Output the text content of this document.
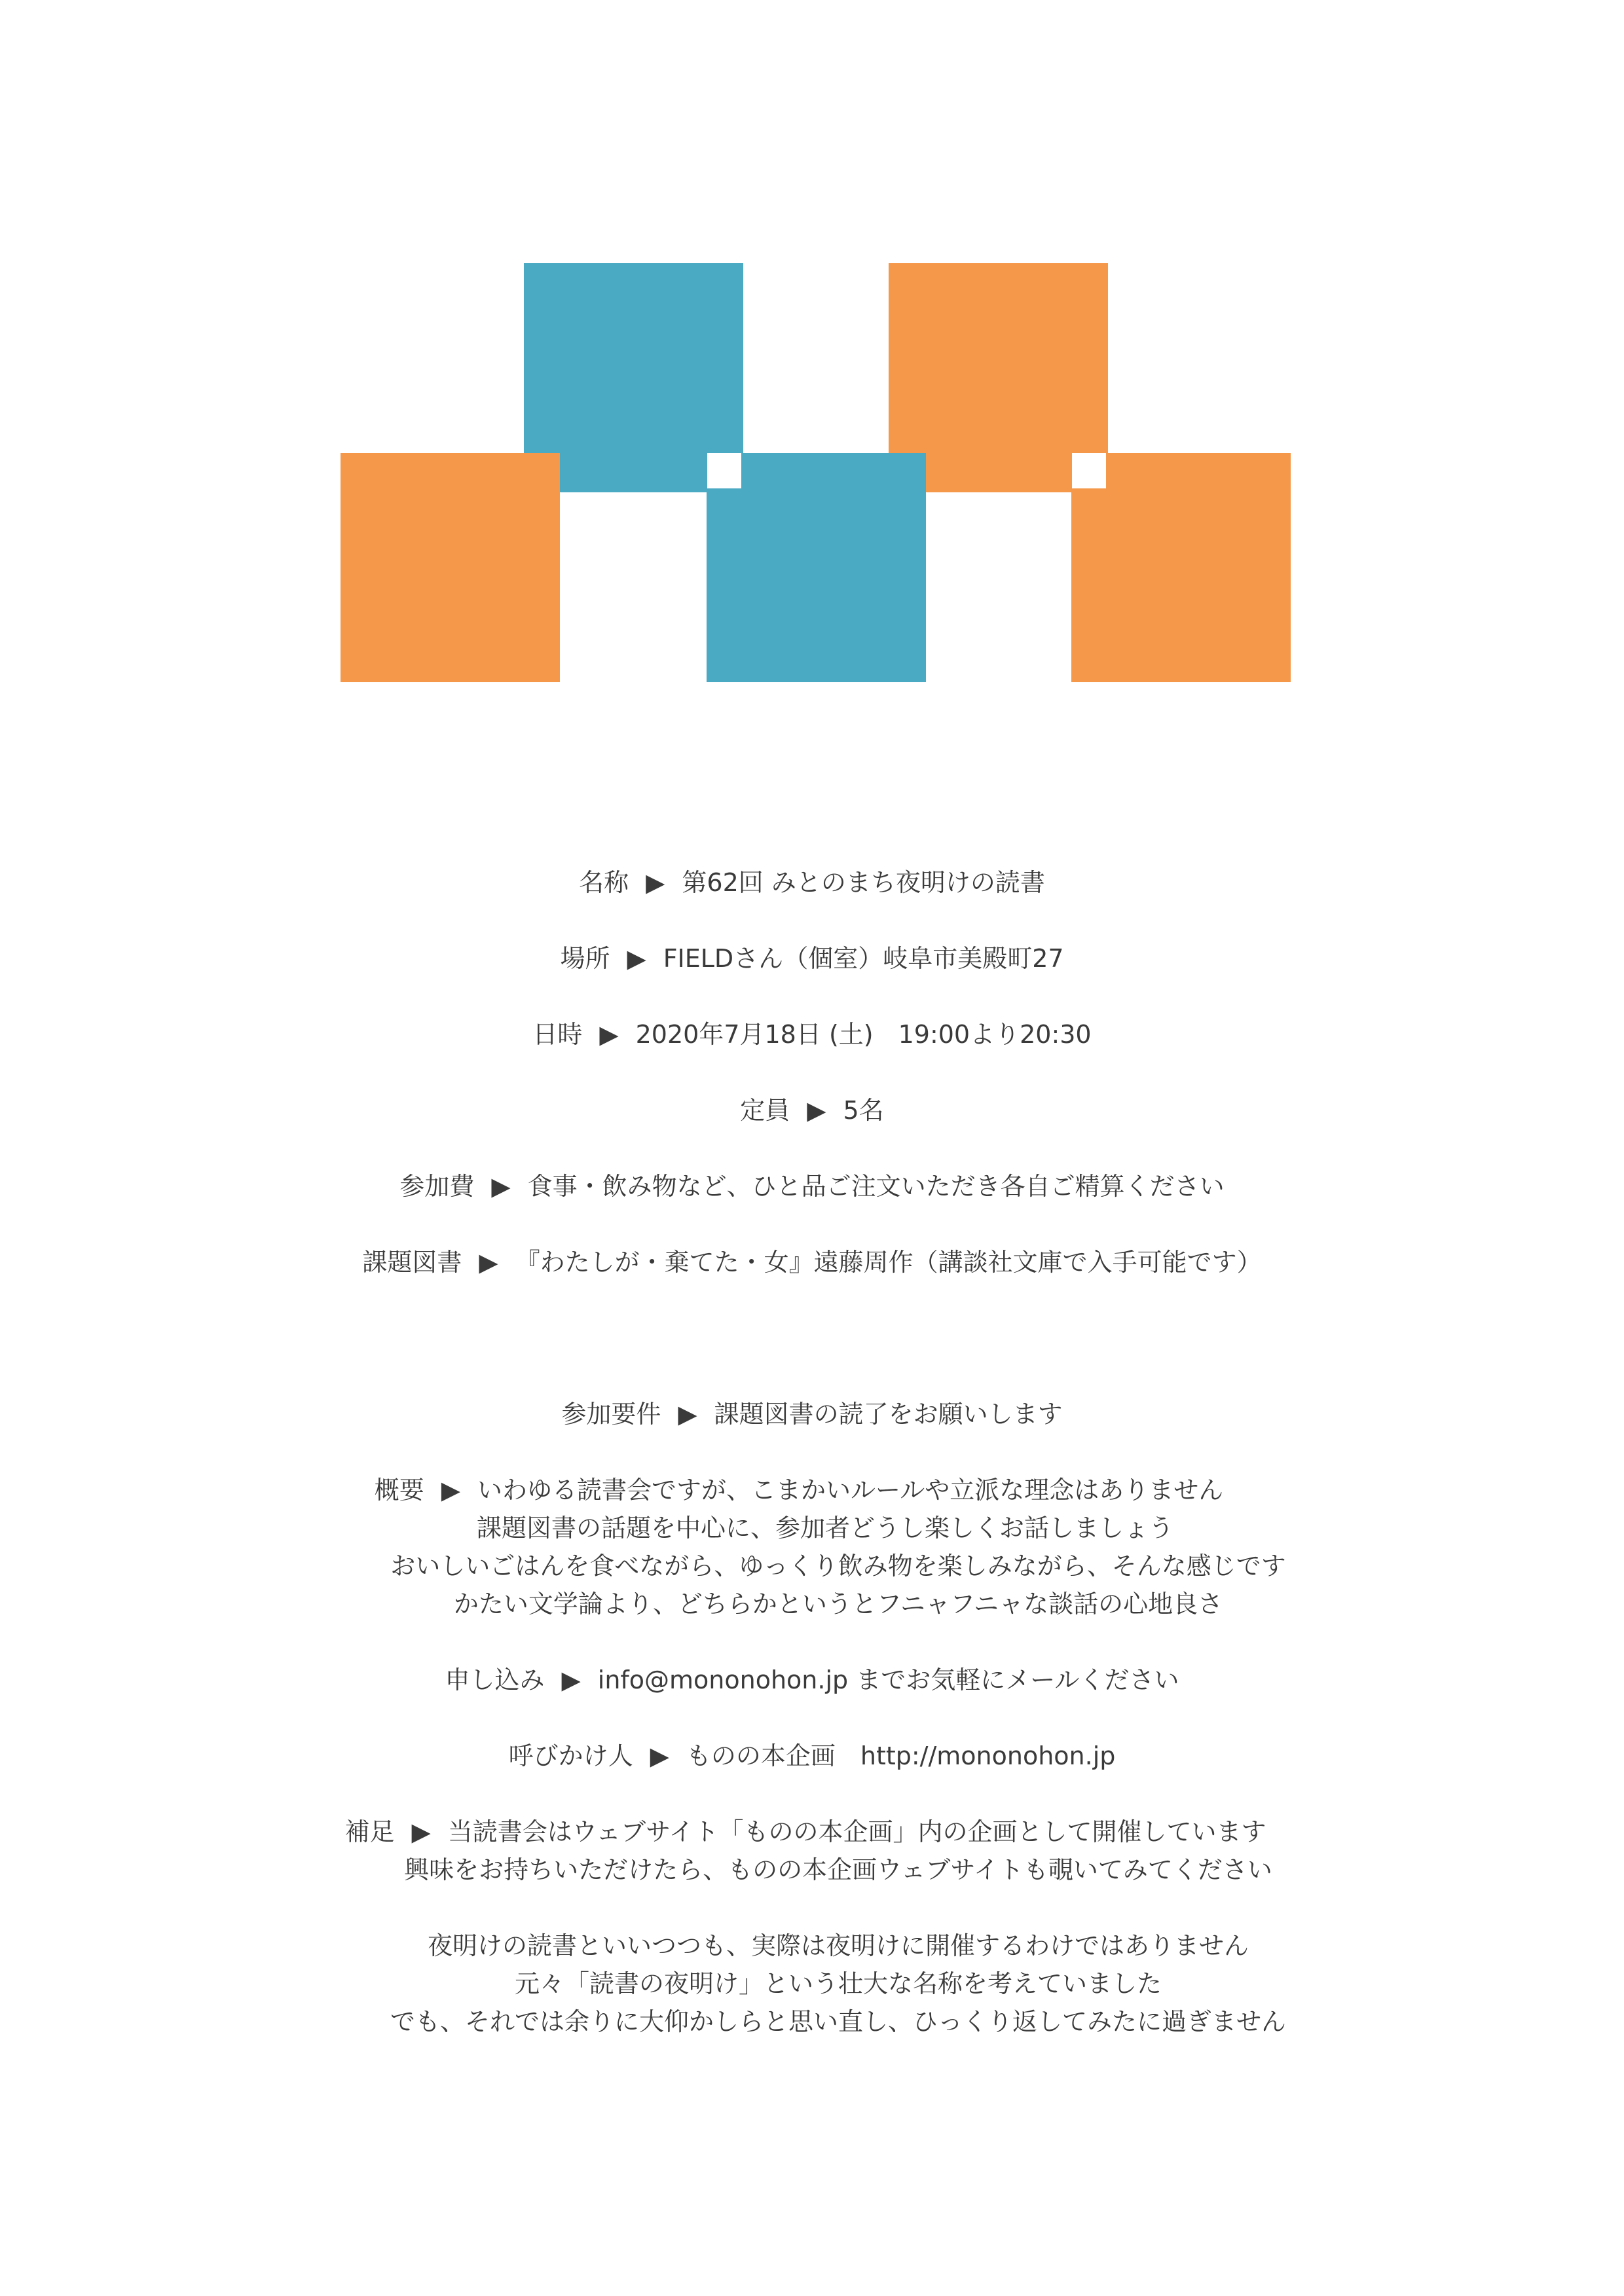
名称 ▶ 第62回 みとのまち夜明けの読書
場所 ▶ FIELDさん（個室）岐阜市美殿町27
日時 ▶ 2020年7月18日 (土)　19:00より20:30
定員 ▶ 5名
参加費 ▶ 食事・飲み物など、ひと品ご注文いただき各自ご精算ください
課題図書 ▶ 『わたしが・棄てた・女』遠藤周作（講談社文庫で入手可能です）
参加要件 ▶ 課題図書の読了をお願いします
概要 ▶ いわゆる読書会ですが、こまかいルールや立派な理念はありません
課題図書の話題を中心に、参加者どうし楽しくお話しましょう
おいしいごはんを食べながら、ゆっくり飲み物を楽しみながら、そんな感じです
かたい文学論より、どちらかというとフニャフニャな談話の心地良さ
申し込み ▶ info@mononohon.jp までお気軽にメールください
呼びかけ人 ▶ ものの本企画　http://mononohon.jp
補足 ▶ 当読書会はウェブサイト「ものの本企画」内の企画として開催しています
興味をお持ちいただけたら、ものの本企画ウェブサイトも覗いてみてください
夜明けの読書といいつつも、実際は夜明けに開催するわけではありません
元々「読書の夜明け」という壮大な名称を考えていました
でも、それでは余りに大仰かしらと思い直し、ひっくり返してみたに過ぎません
